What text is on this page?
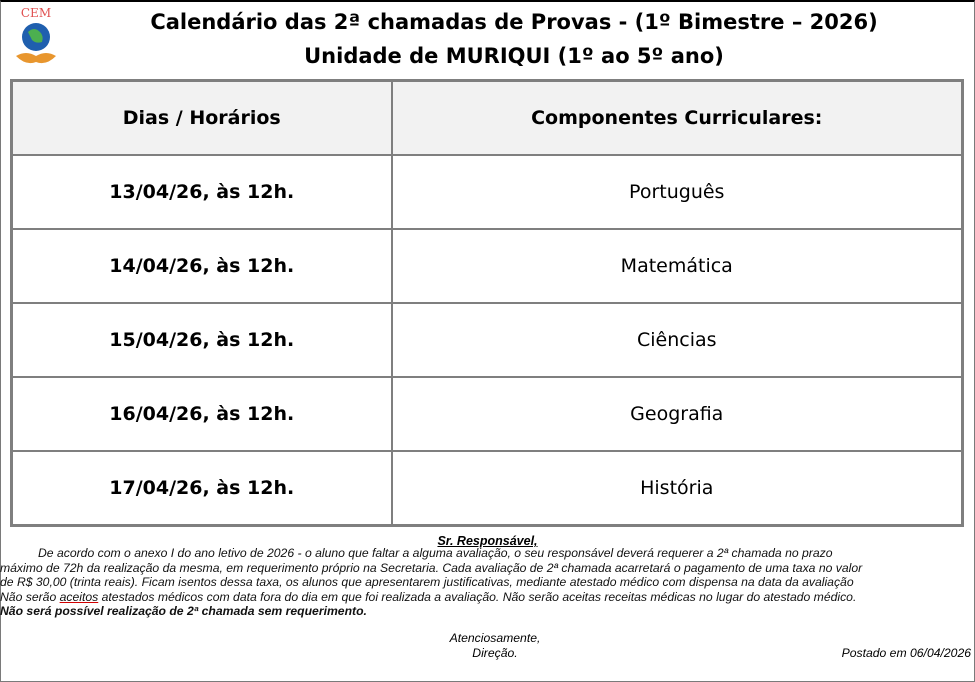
CEM	Calendário das 2ª chamadas de Provas - (1º Bimestre – 2026)
Unidade de MURIQUI (1º ao 5º ano)
Dias / Horários	Componentes Curriculares:
13/04/26, às 12h.	Português
14/04/26, às 12h.	Matemática
15/04/26, às 12h.	Ciências
16/04/26, às 12h.	Geografia
17/04/26, às 12h.	História
Sr. Responsável,
De acordo com o anexo I do ano letivo de 2026 - o aluno que faltar a alguma avaliação, o seu responsável deverá requerer a 2ª chamada no prazo
máximo de 72h da realização da mesma, em requerimento próprio na Secretaria. Cada avaliação de 2ª chamada acarretará o pagamento de uma taxa no valor
de R$ 30,00 (trinta reais). Ficam isentos dessa taxa, os alunos que apresentarem justificativas, mediante atestado médico com dispensa na data da avaliação
Não serão aceitos atestados médicos com data fora do dia em que foi realizada a avaliação. Não serão aceitas receitas médicas no lugar do atestado médico.
Não será possível realização de 2ª chamada sem requerimento.
Atenciosamente,
Direção.	Postado em 06/04/2026
